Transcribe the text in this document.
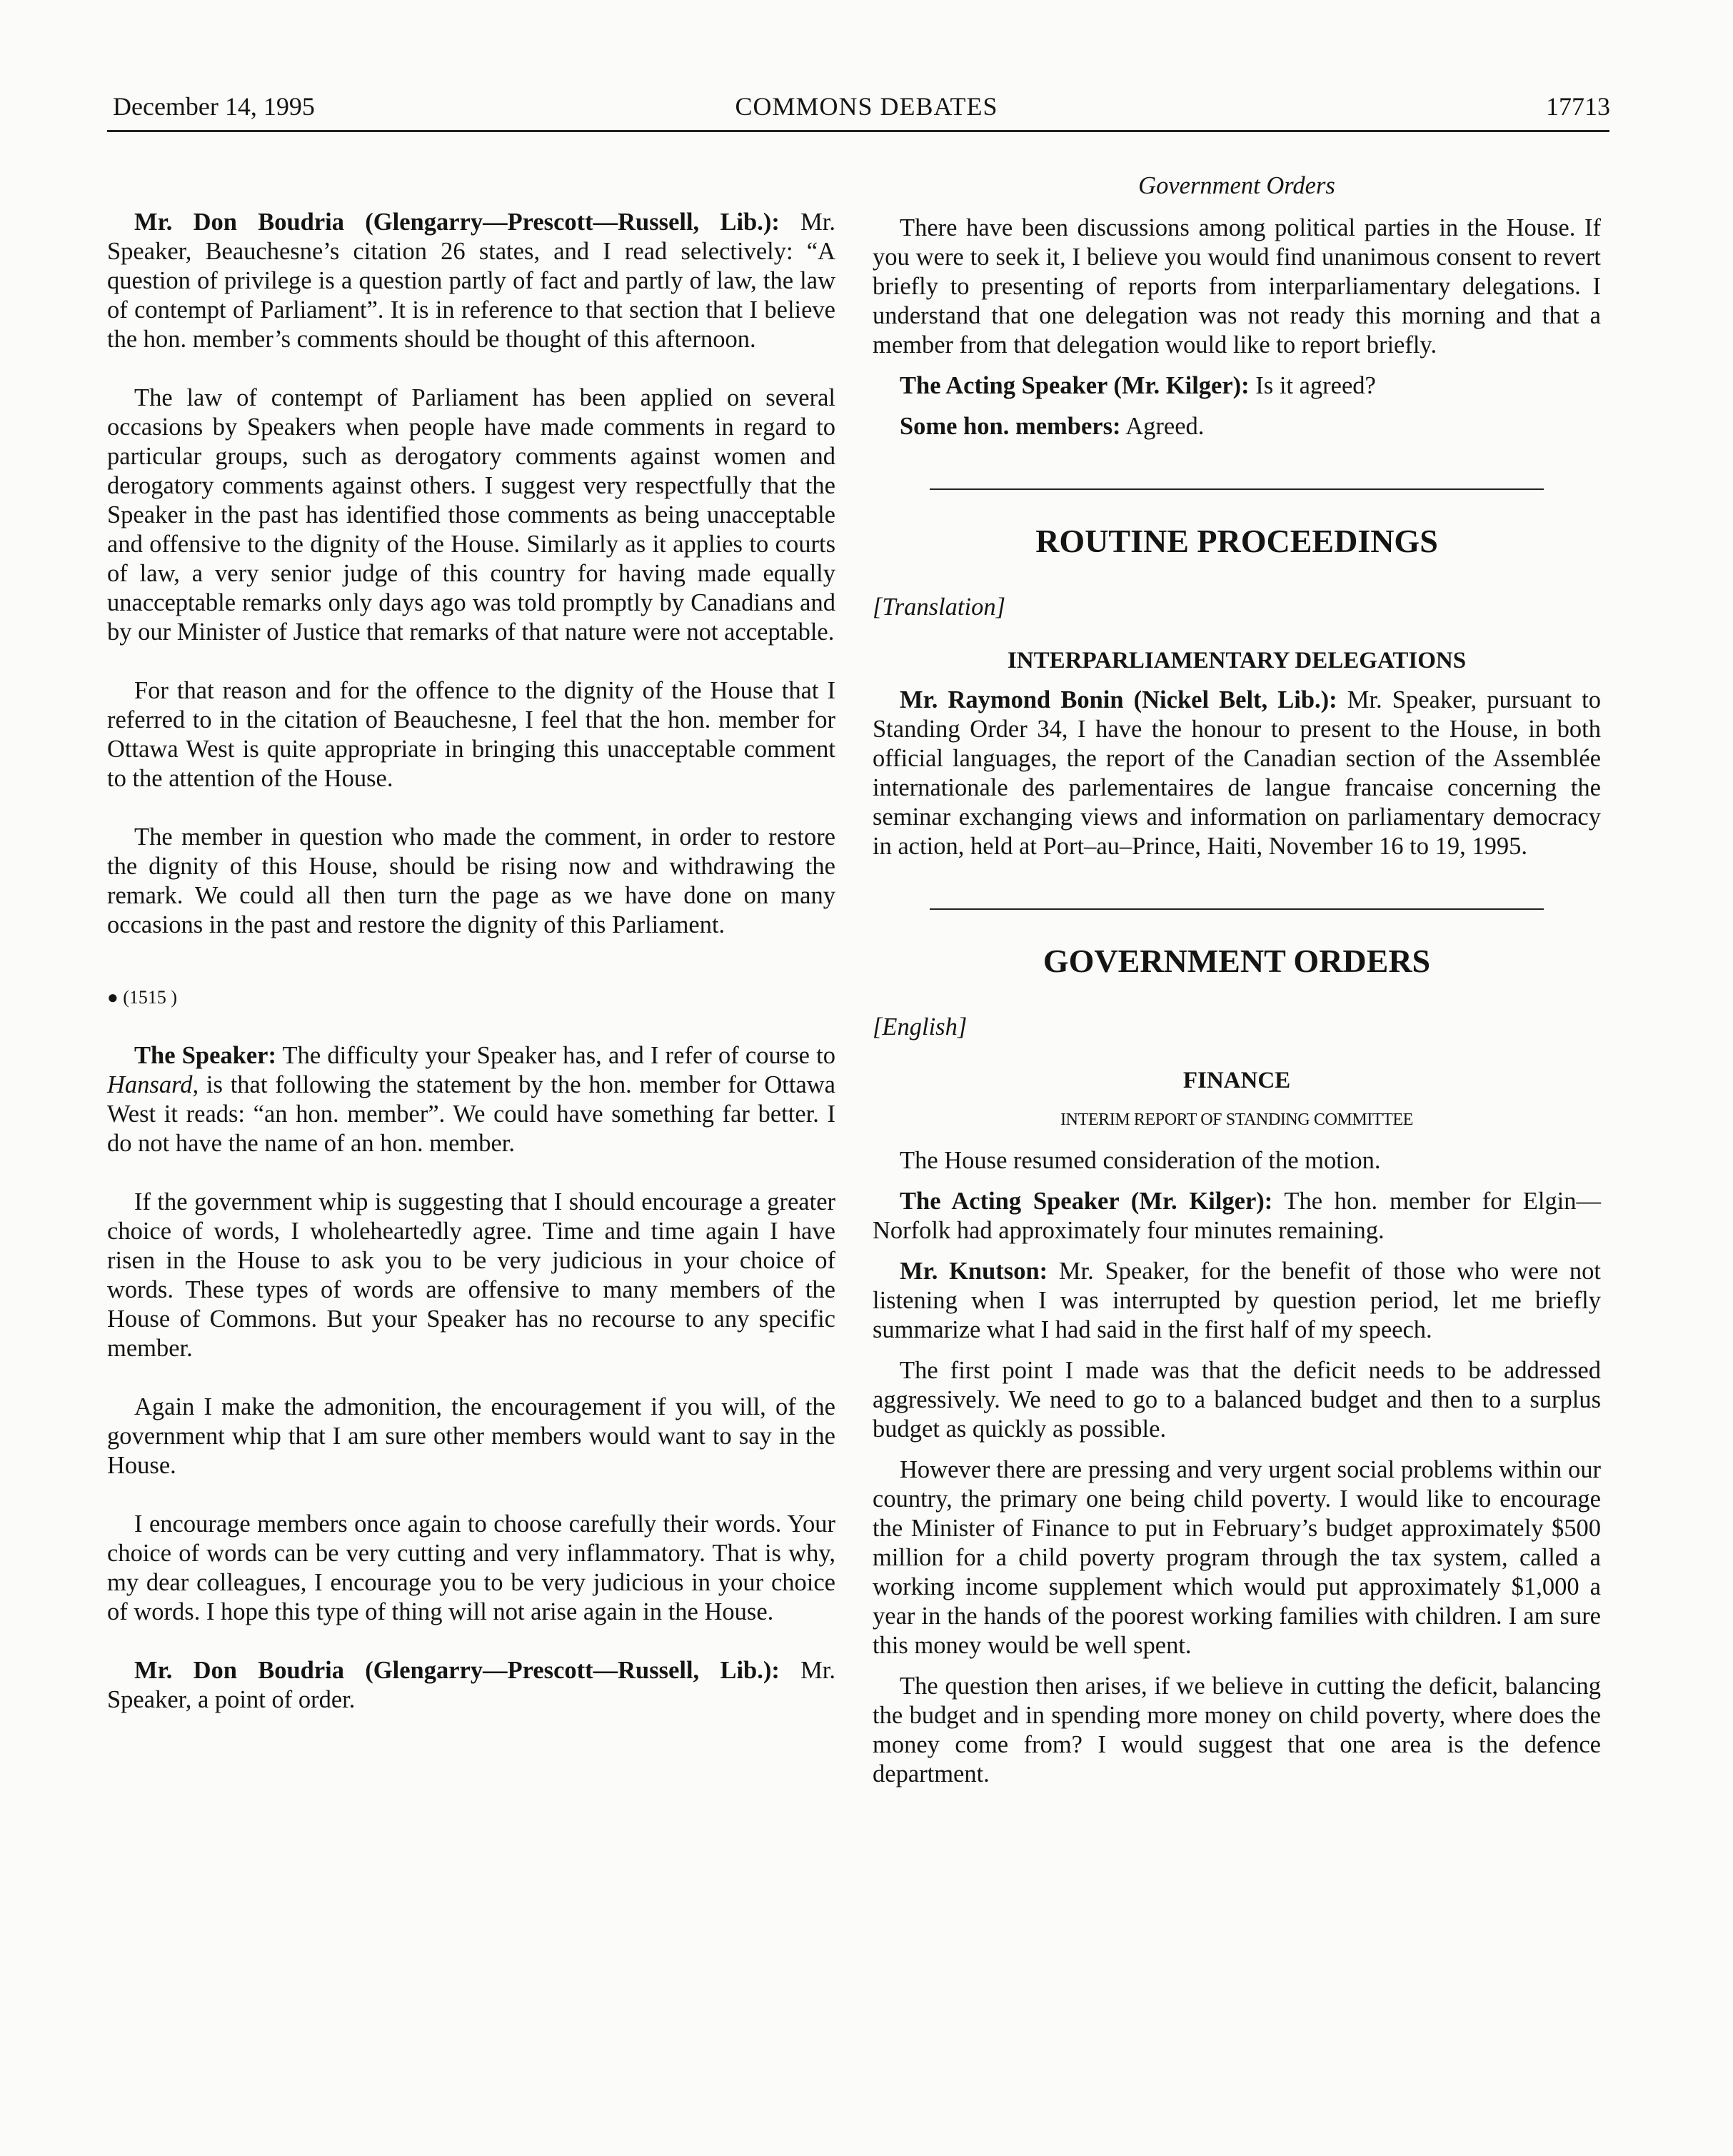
COMMONS DEBATES
December 14, 1995	17713

Mr. Don Boudria (Glengarry—Prescott—Russell, Lib.): Mr. Speaker, Beauchesne’s citation 26 states, and I read selectively: “A question of privilege is a question partly of fact and partly of law, the law of contempt of Parliament”. It is in reference to that section that I believe the hon. member’s comments should be thought of this afternoon.

The law of contempt of Parliament has been applied on several occasions by Speakers when people have made comments in regard to particular groups, such as derogatory comments against women and derogatory comments against others. I suggest very respectfully that the Speaker in the past has identified those comments as being unacceptable and offensive to the dignity of the House. Similarly as it applies to courts of law, a very senior judge of this country for having made equally unacceptable remarks only days ago was told promptly by Canadians and by our Minister of Justice that remarks of that nature were not acceptable.

For that reason and for the offence to the dignity of the House that I referred to in the citation of Beauchesne, I feel that the hon. member for Ottawa West is quite appropriate in bringing this unacceptable comment to the attention of the House.

The member in question who made the comment, in order to restore the dignity of this House, should be rising now and withdrawing the remark. We could all then turn the page as we have done on many occasions in the past and restore the dignity of this Parliament.

● (1515 )

The Speaker: The difficulty your Speaker has, and I refer of course to Hansard, is that following the statement by the hon. member for Ottawa West it reads: “an hon. member”. We could have something far better. I do not have the name of an hon. member.

If the government whip is suggesting that I should encourage a greater choice of words, I wholeheartedly agree. Time and time again I have risen in the House to ask you to be very judicious in your choice of words. These types of words are offensive to many members of the House of Commons. But your Speaker has no recourse to any specific member.

Again I make the admonition, the encouragement if you will, of the government whip that I am sure other members would want to say in the House.

I encourage members once again to choose carefully their words. Your choice of words can be very cutting and very inflammatory. That is why, my dear colleagues, I encourage you to be very judicious in your choice of words. I hope this type of thing will not arise again in the House.

Mr. Don Boudria (Glengarry—Prescott—Russell, Lib.): Mr. Speaker, a point of order.

Government Orders

There have been discussions among political parties in the House. If you were to seek it, I believe you would find unanimous consent to revert briefly to presenting of reports from interparliamentary delegations. I understand that one delegation was not ready this morning and that a member from that delegation would like to report briefly.

The Acting Speaker (Mr. Kilger): Is it agreed?

Some hon. members: Agreed.

ROUTINE PROCEEDINGS

[Translation]

INTERPARLIAMENTARY DELEGATIONS

Mr. Raymond Bonin (Nickel Belt, Lib.): Mr. Speaker, pursuant to Standing Order 34, I have the honour to present to the House, in both official languages, the report of the Canadian section of the Assemblée internationale des parlementaires de langue francaise concerning the seminar exchanging views and information on parliamentary democracy in action, held at Port–au–Prince, Haiti, November 16 to 19, 1995.

GOVERNMENT ORDERS

[English]

FINANCE

INTERIM REPORT OF STANDING COMMITTEE

The House resumed consideration of the motion.

The Acting Speaker (Mr. Kilger): The hon. member for Elgin—Norfolk had approximately four minutes remaining.

Mr. Knutson: Mr. Speaker, for the benefit of those who were not listening when I was interrupted by question period, let me briefly summarize what I had said in the first half of my speech.

The first point I made was that the deficit needs to be addressed aggressively. We need to go to a balanced budget and then to a surplus budget as quickly as possible.

However there are pressing and very urgent social problems within our country, the primary one being child poverty. I would like to encourage the Minister of Finance to put in February’s budget approximately $500 million for a child poverty program through the tax system, called a working income supplement which would put approximately $1,000 a year in the hands of the poorest working families with children. I am sure this money would be well spent.

The question then arises, if we believe in cutting the deficit, balancing the budget and in spending more money on child poverty, where does the money come from? I would suggest that one area is the defence department.
